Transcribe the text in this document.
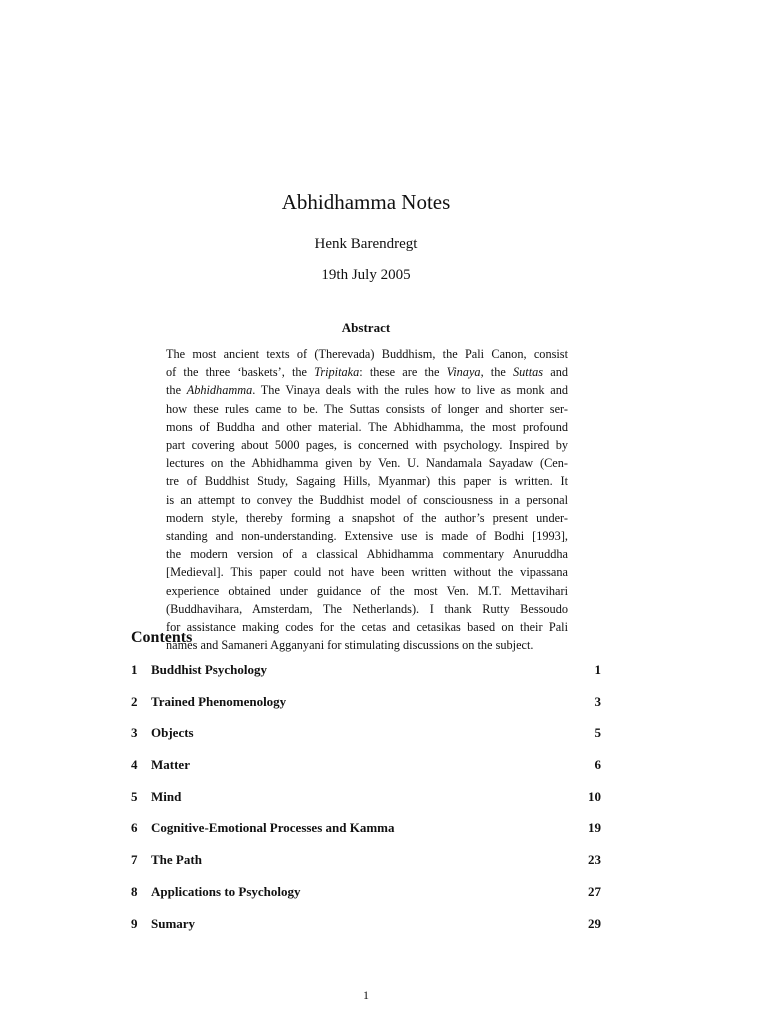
Abhidhamma Notes
Henk Barendregt
19th July 2005
Abstract
The most ancient texts of (Therevada) Buddhism, the Pali Canon, consist
of the three ‘baskets’, the Tripitaka: these are the Vinaya, the Suttas and
the Abhidhamma. The Vinaya deals with the rules how to live as monk and
how these rules came to be. The Suttas consists of longer and shorter ser-
mons of Buddha and other material. The Abhidhamma, the most profound
part covering about 5000 pages, is concerned with psychology. Inspired by
lectures on the Abhidhamma given by Ven. U. Nandamala Sayadaw (Cen-
tre of Buddhist Study, Sagaing Hills, Myanmar) this paper is written. It
is an attempt to convey the Buddhist model of consciousness in a personal
modern style, thereby forming a snapshot of the author’s present under-
standing and non-understanding. Extensive use is made of Bodhi [1993],
the modern version of a classical Abhidhamma commentary Anuruddha
[Medieval]. This paper could not have been written without the vipassana
experience obtained under guidance of the most Ven. M.T. Mettavihari
(Buddhavihara, Amsterdam, The Netherlands). I thank Rutty Bessoudo
for assistance making codes for the cetas and cetasikas based on their Pali
names and Samaneri Agganyani for stimulating discussions on the subject.
Contents
1 Buddhist Psychology	1
2 Trained Phenomenology	3
3 Objects	5
4 Matter	6
5 Mind	10
6 Cognitive-Emotional Processes and Kamma	19
7 The Path	23
8 Applications to Psychology	27
9 Sumary	29
1
